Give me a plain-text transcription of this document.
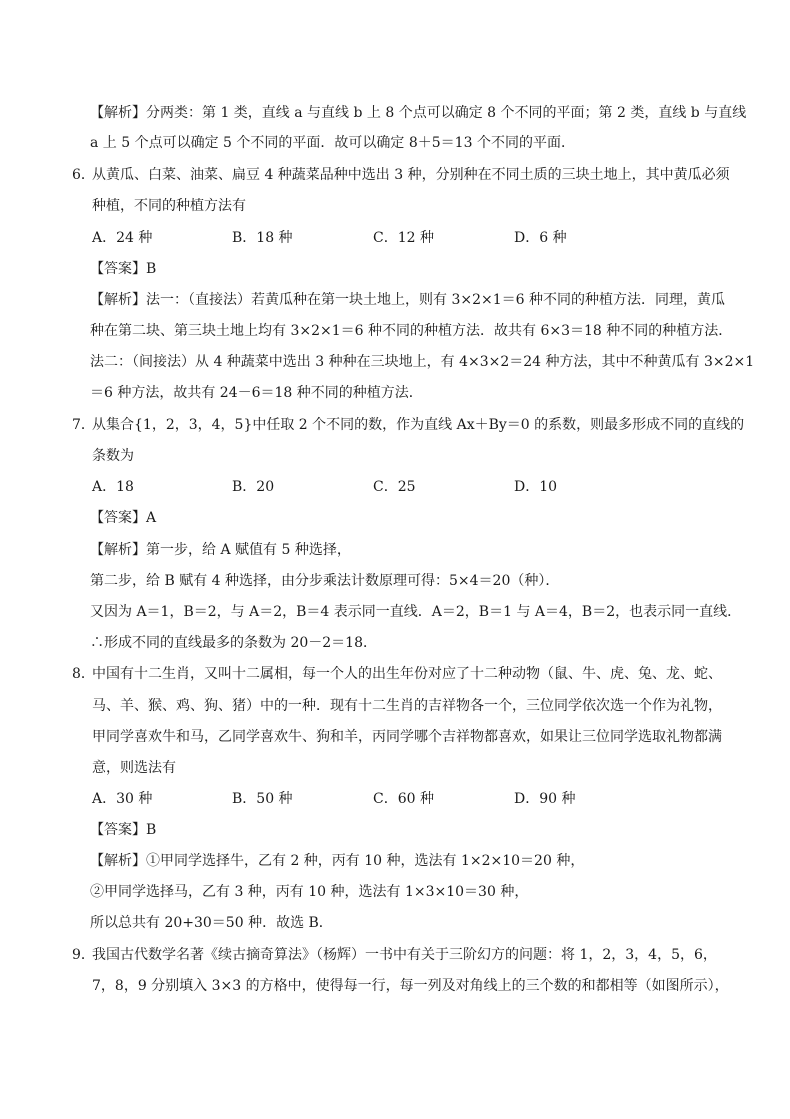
【解析】分两类：第 1 类，直线 a 与直线 b 上 8 个点可以确定 8 个不同的平面；第 2 类，直线 b 与直线
a 上 5 个点可以确定 5 个不同的平面．故可以确定 8＋5＝13 个不同的平面．
6．
从黄瓜、白菜、油菜、扁豆 4 种蔬菜品种中选出 3 种，分别种在不同土质的三块土地上，其中黄瓜必须
种植，不同的种植方法有
A．24 种	B．18 种	C．12 种	D．6 种
【答案】B
【解析】法一：（直接法）若黄瓜种在第一块土地上，则有 3×2×1＝6 种不同的种植方法．同理，黄瓜
种在第二块、第三块土地上均有 3×2×1＝6 种不同的种植方法．故共有 6×3＝18 种不同的种植方法．
法二：（间接法）从 4 种蔬菜中选出 3 种种在三块地上，有 4×3×2＝24 种方法，其中不种黄瓜有 3×2×1
＝6 种方法，故共有 24－6＝18 种不同的种植方法．
7．
从集合{1，2，3，4，5}中任取 2 个不同的数，作为直线 Ax＋By＝0 的系数，则最多形成不同的直线的
条数为
A．18	B．20	C．25	D．10
【答案】A
【解析】第一步，给 A 赋值有 5 种选择，
第二步，给 B 赋有 4 种选择，由分步乘法计数原理可得：5×4＝20（种）．
又因为 A＝1，B＝2，与 A＝2，B＝4 表示同一直线．A＝2，B＝1 与 A＝4，B＝2，也表示同一直线．
∴形成不同的直线最多的条数为 20－2＝18．
8．
中国有十二生肖，又叫十二属相，每一个人的出生年份对应了十二种动物（鼠、牛、虎、兔、龙、蛇、
马、羊、猴、鸡、狗、猪）中的一种．现有十二生肖的吉祥物各一个，三位同学依次选一个作为礼物，
甲同学喜欢牛和马，乙同学喜欢牛、狗和羊，丙同学哪个吉祥物都喜欢，如果让三位同学选取礼物都满
意，则选法有
A．30 种	B．50 种	C．60 种	D．90 种
【答案】B
【解析】①甲同学选择牛，乙有 2 种，丙有 10 种，选法有 1×2×10＝20 种，
②甲同学选择马，乙有 3 种，丙有 10 种，选法有 1×3×10＝30 种，
所以总共有 20+30＝50 种．故选 B．
9．
我国古代数学名著《续古摘奇算法》（杨辉）一书中有关于三阶幻方的问题：将 1，2，3，4，5，6，
7，8，9 分别填入 3×3 的方格中，使得每一行，每一列及对角线上的三个数的和都相等（如图所示），
